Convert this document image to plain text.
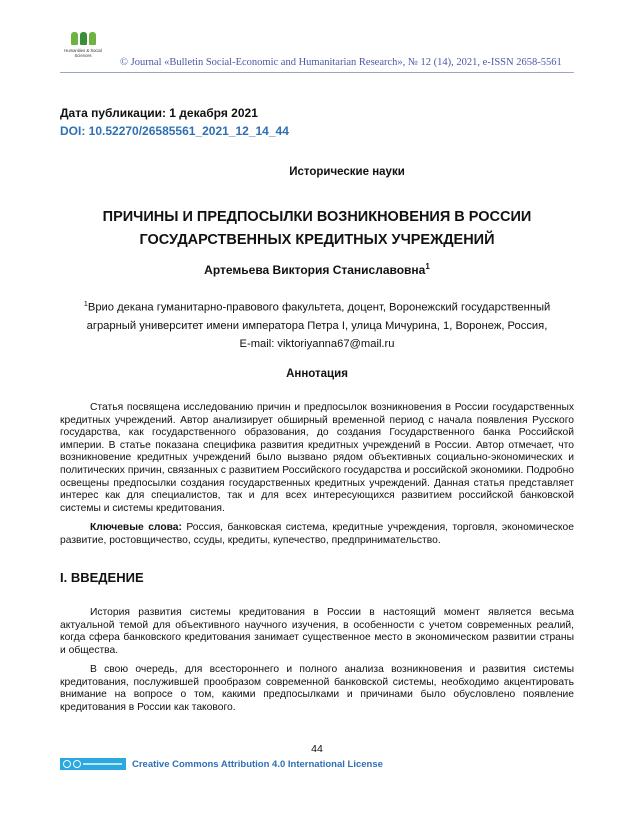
Humanities & Social Sciences
© Journal «Bulletin Social-Economic and Humanitarian Research», № 12 (14), 2021, e-ISSN 2658-5561
Дата публикации: 1 декабря 2021
DOI: 10.52270/26585561_2021_12_14_44
Исторические науки
ПРИЧИНЫ И ПРЕДПОСЫЛКИ ВОЗНИКНОВЕНИЯ В РОССИИ ГОСУДАРСТВЕННЫХ КРЕДИТНЫХ УЧРЕЖДЕНИЙ
Артемьева Виктория Станиславовна$^1$
$^1$Врио декана гуманитарно-правового факультета, доцент, Воронежский государственный аграрный университет имени императора Петра I, улица Мичурина, 1, Воронеж, Россия,
E-mail: viktoriyanna67@mail.ru
Аннотация
Статья посвящена исследованию причин и предпосылок возникновения в России государственных кредитных учреждений. Автор анализирует обширный временной период с начала появления Русского государства, как государственного образования, до создания Государственного банка Российской империи. В статье показана специфика развития кредитных учреждений в России. Автор отмечает, что возникновение кредитных учреждений было вызвано рядом объективных социально-экономических и политических причин, связанных с развитием Российского государства и российской экономики. Подробно освещены предпосылки создания государственных кредитных учреждений. Данная статья представляет интерес как для специалистов, так и для всех интересующихся развитием российской банковской системы и системы кредитования.
Ключевые слова: Россия, банковская система, кредитные учреждения, торговля, экономическое развитие, ростовщичество, ссуды, кредиты, купечество, предпринимательство.
I. ВВЕДЕНИЕ
История развития системы кредитования в России в настоящий момент является весьма актуальной темой для объективного научного изучения, в особенности с учетом современных реалий, когда сфера банковского кредитования занимает существенное место в экономическом развитии страны и общества.
В свою очередь, для всестороннего и полного анализа возникновения и развития системы кредитования, послужившей прообразом современной банковской системы, необходимо акцентировать внимание на вопросе о том, какими предпосылками и причинами было обусловлено появление кредитования в России как такового.
44
Creative Commons Attribution 4.0 International License
